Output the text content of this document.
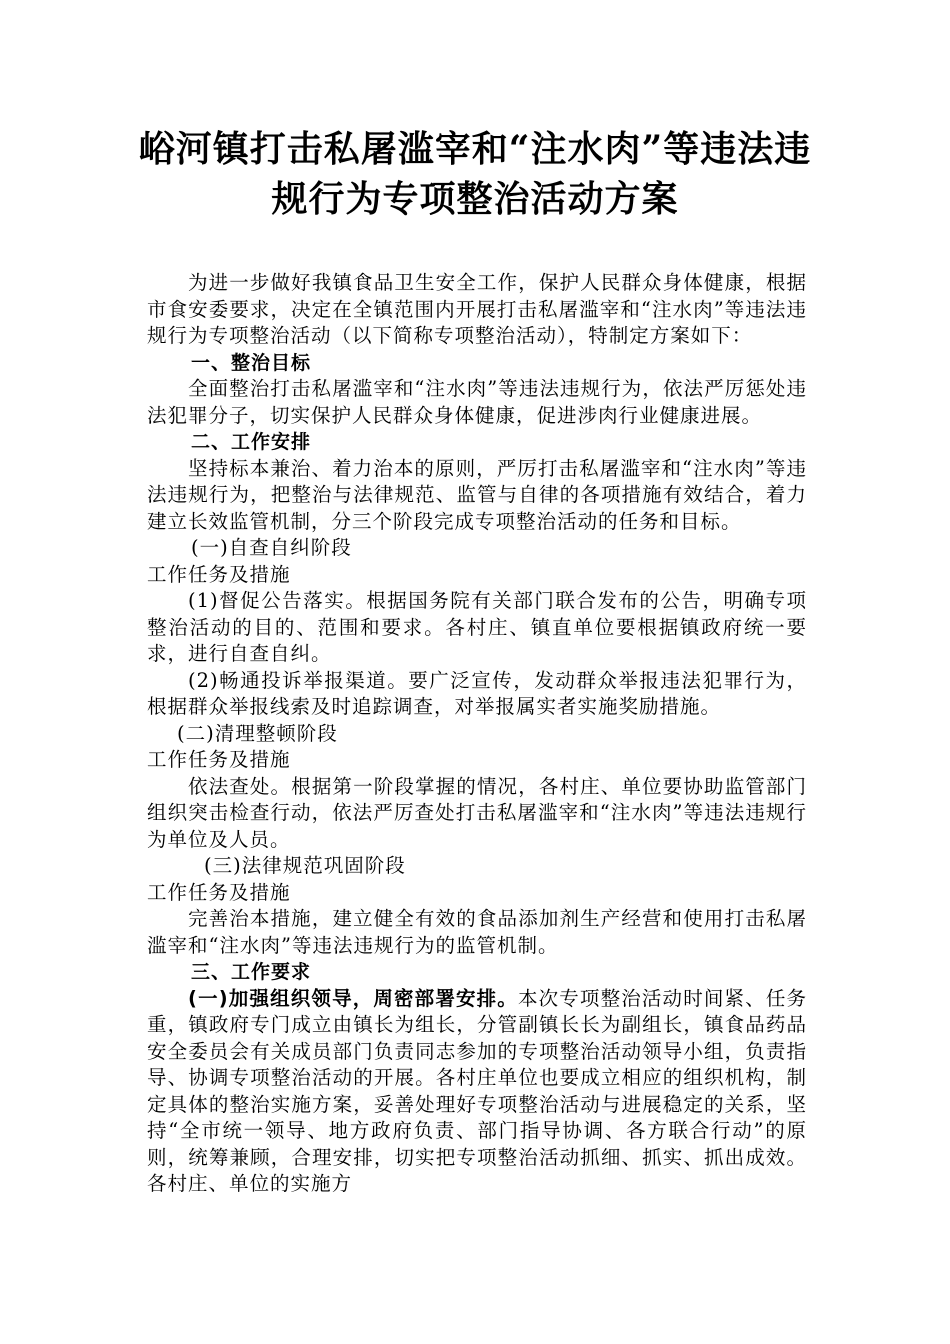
峪河镇打击私屠滥宰和“注水肉”等违法违
规行为专项整治活动方案

为进一步做好我镇食品卫生安全工作，保护人民群众身体健康，根据市食安委要求，决定在全镇范围内开展打击私屠滥宰和“注水肉”等违法违规行为专项整治活动（以下简称专项整治活动），特制定方案如下：

一、整治目标

全面整治打击私屠滥宰和“注水肉”等违法违规行为，依法严厉惩处违法犯罪分子，切实保护人民群众身体健康，促进涉肉行业健康进展。

二、工作安排

坚持标本兼治、着力治本的原则，严厉打击私屠滥宰和“注水肉”等违法违规行为，把整治与法律规范、监管与自律的各项措施有效结合，着力建立长效监管机制，分三个阶段完成专项整治活动的任务和目标。

(一)自查自纠阶段

工作任务及措施

(1)督促公告落实。根据国务院有关部门联合发布的公告，明确专项整治活动的目的、范围和要求。各村庄、镇直单位要根据镇政府统一要求，进行自查自纠。

(2)畅通投诉举报渠道。要广泛宣传，发动群众举报违法犯罪行为，根据群众举报线索及时追踪调查，对举报属实者实施奖励措施。

(二)清理整顿阶段

工作任务及措施

依法查处。根据第一阶段掌握的情况，各村庄、单位要协助监管部门组织突击检查行动，依法严厉查处打击私屠滥宰和“注水肉”等违法违规行为单位及人员。

(三)法律规范巩固阶段

工作任务及措施

完善治本措施，建立健全有效的食品添加剂生产经营和使用打击私屠滥宰和“注水肉”等违法违规行为的监管机制。

三、工作要求

(一)加强组织领导，周密部署安排。本次专项整治活动时间紧、任务重，镇政府专门成立由镇长为组长，分管副镇长长为副组长，镇食品药品安全委员会有关成员部门负责同志参加的专项整治活动领导小组，负责指导、协调专项整治活动的开展。各村庄单位也要成立相应的组织机构，制定具体的整治实施方案，妥善处理好专项整治活动与进展稳定的关系，坚持“全市统一领导、地方政府负责、部门指导协调、各方联合行动”的原则，统筹兼顾，合理安排，切实把专项整治活动抓细、抓实、抓出成效。各村庄、单位的实施方
